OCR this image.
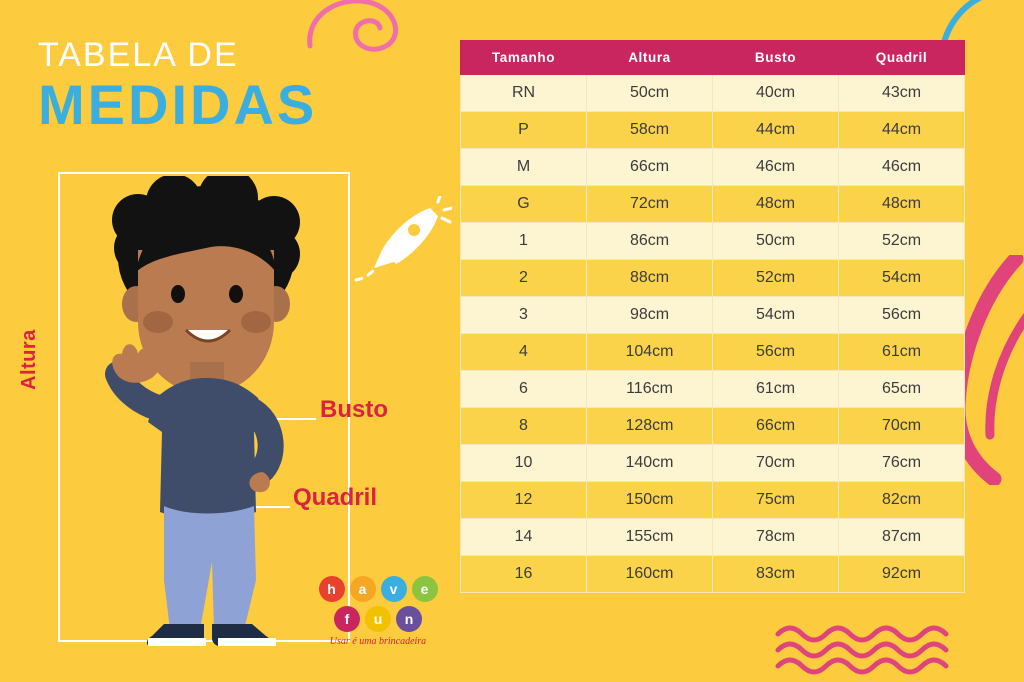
TABELA DE
MEDIDAS
Altura
Busto
Quadril
h	a	v	e
f	u	n
Usar é uma brincadeira
Tamanho	Altura	Busto	Quadril
RN	50cm	40cm	43cm
P	58cm	44cm	44cm
M	66cm	46cm	46cm
G	72cm	48cm	48cm
1	86cm	50cm	52cm
2	88cm	52cm	54cm
3	98cm	54cm	56cm
4	104cm	56cm	61cm
6	116cm	61cm	65cm
8	128cm	66cm	70cm
10	140cm	70cm	76cm
12	150cm	75cm	82cm
14	155cm	78cm	87cm
16	160cm	83cm	92cm
